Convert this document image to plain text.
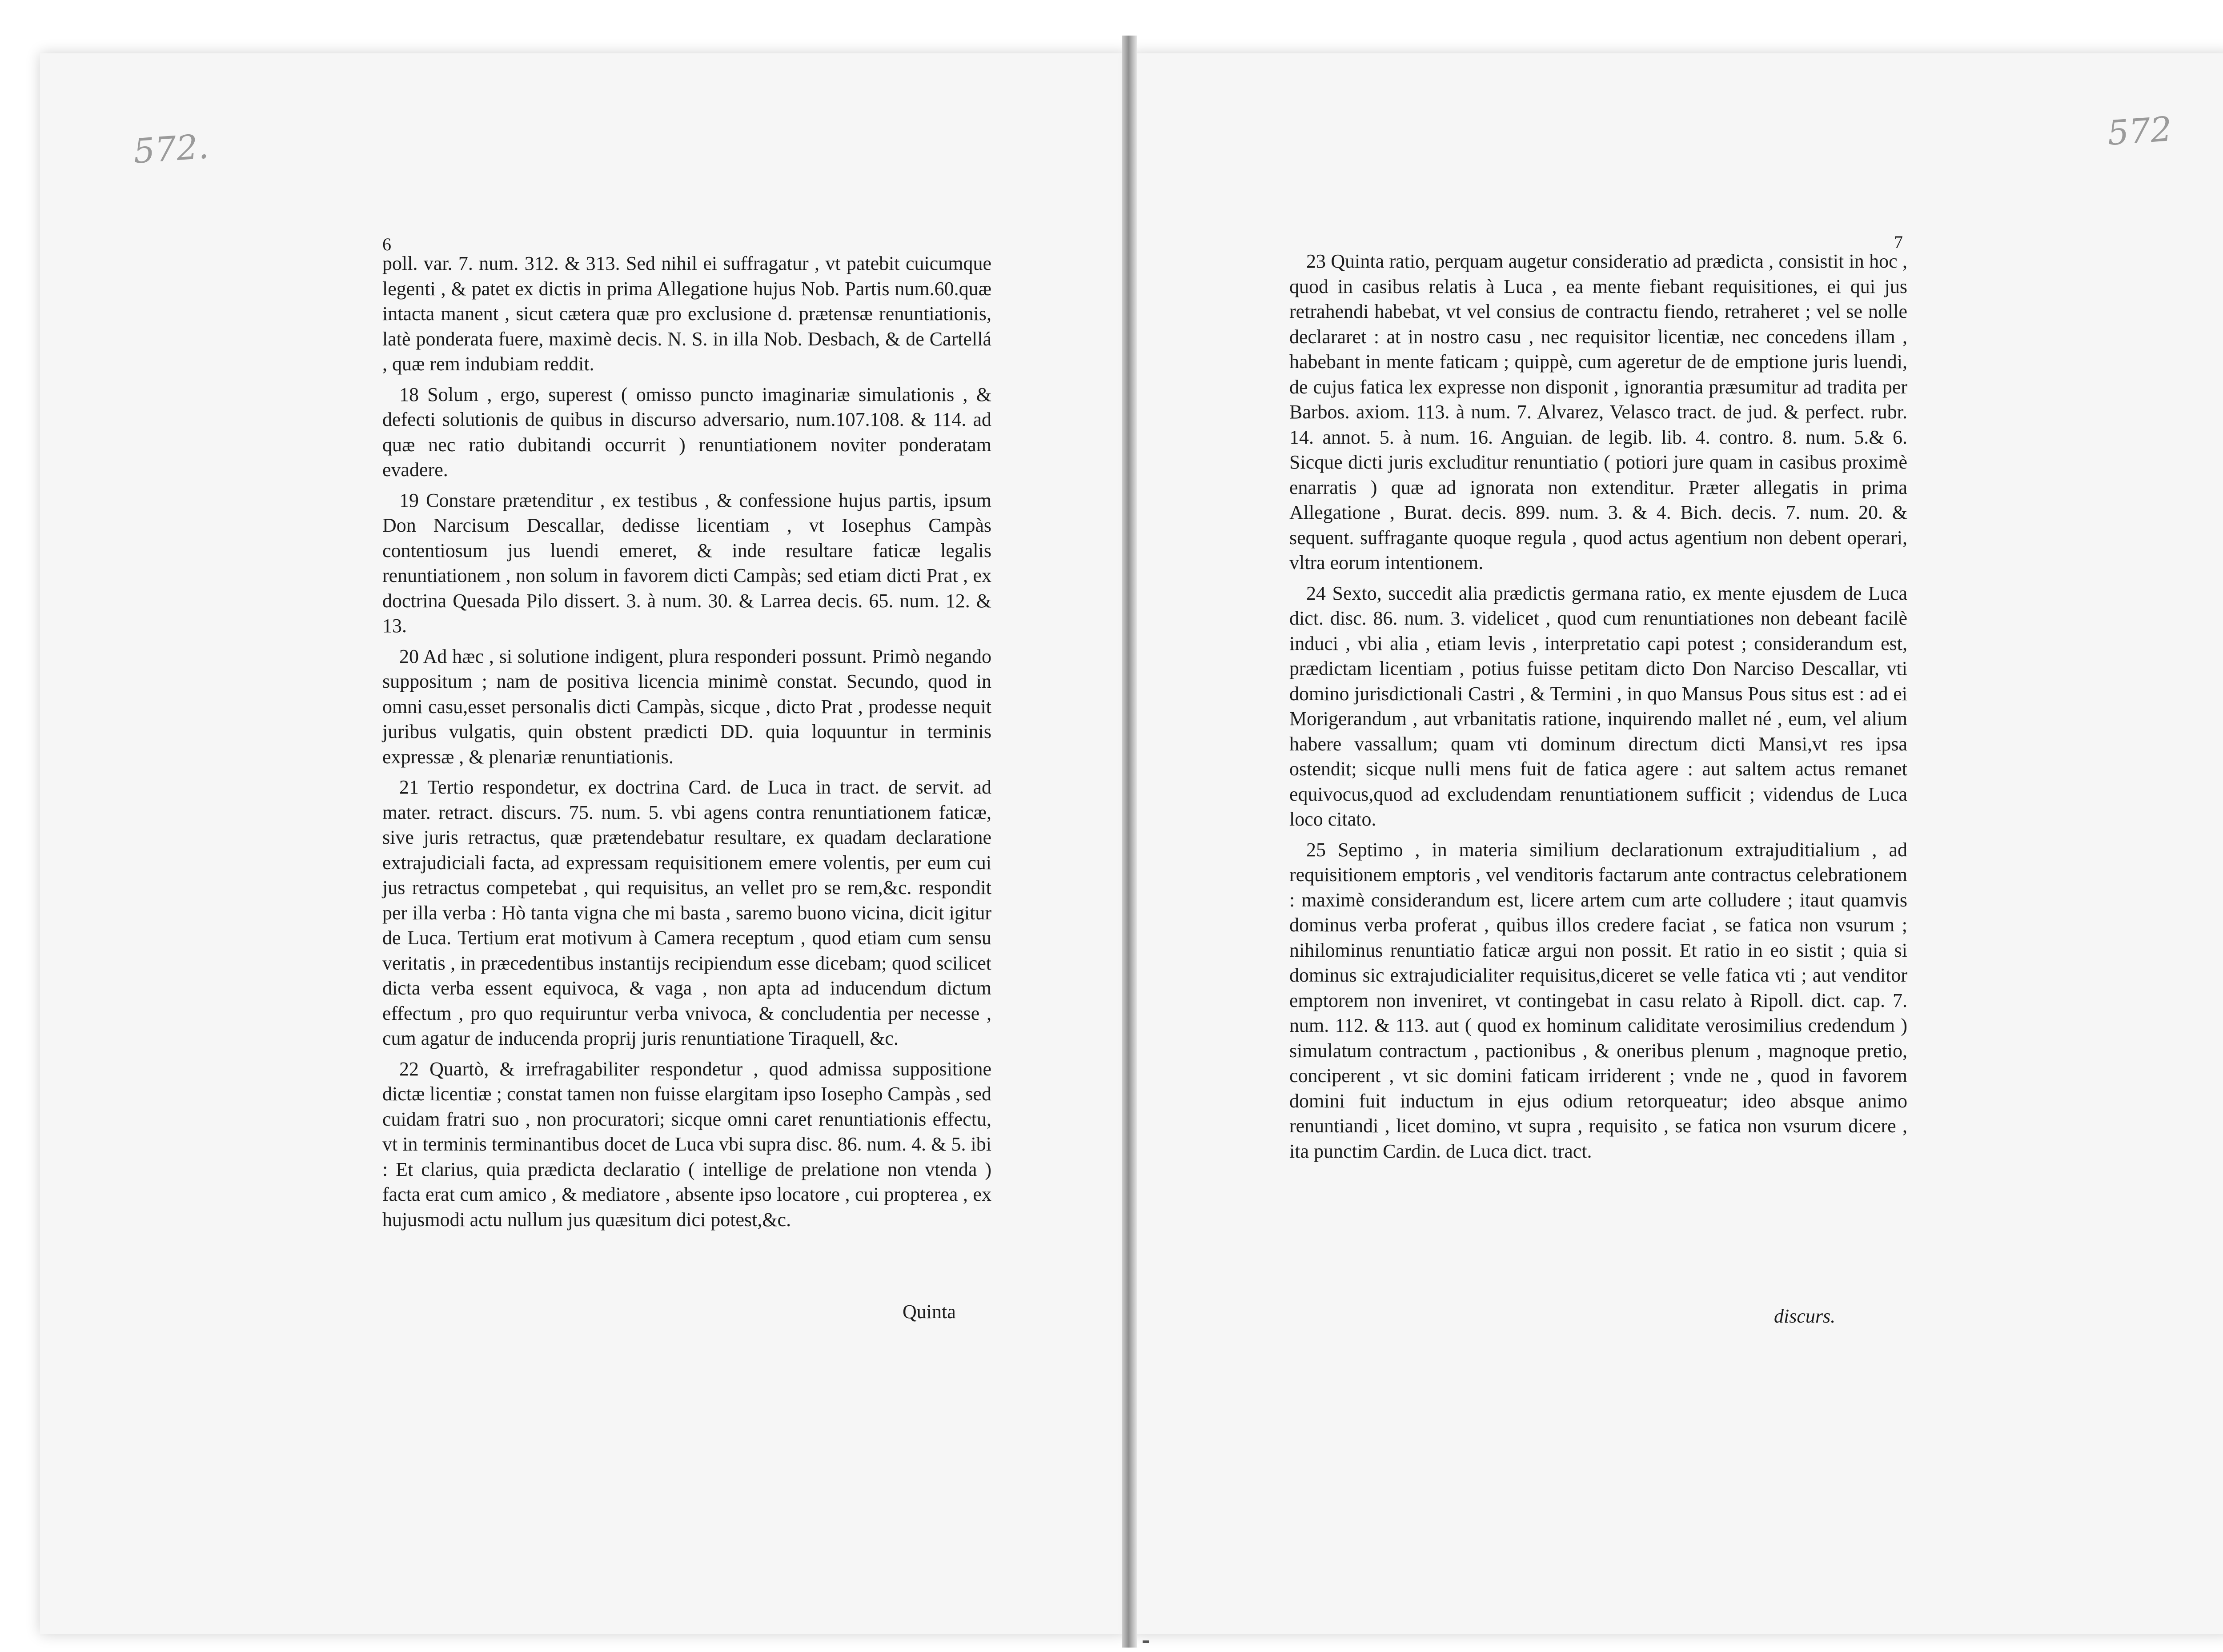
572.	572
6

poll. var. 7. num. 312. & 313. Sed nihil ei suffragatur , vt patebit cuicumque legenti , & patet ex dictis in prima Allegatione hujus Nob. Partis num.60.quæ intacta manent , sicut cætera quæ pro exclusione d. prætensæ renuntiationis, latè ponderata fuere, maximè decis. N. S. in illa Nob. Desbach, & de Cartellá , quæ rem indubiam reddit.

18 Solum , ergo, superest ( omisso puncto imaginariæ simulationis , & defecti solutionis de quibus in discurso adversario, num.107.108. & 114. ad quæ nec ratio dubitandi occurrit ) renuntiationem noviter ponderatam evadere.

19 Constare prætenditur , ex testibus , & confessione hujus partis, ipsum Don Narcisum Descallar, dedisse licentiam , vt Iosephus Campàs contentiosum jus luendi emeret, & inde resultare faticæ legalis renuntiationem , non solum in favorem dicti Campàs; sed etiam dicti Prat , ex doctrina Quesada Pilo dissert. 3. à num. 30. & Larrea decis. 65. num. 12. & 13.

20 Ad hæc , si solutione indigent, plura responderi possunt. Primò negando suppositum ; nam de positiva licencia minimè constat. Secundo, quod in omni casu,esset personalis dicti Campàs, sicque , dicto Prat , prodesse nequit juribus vulgatis, quin obstent prædicti DD. quia loquuntur in terminis expressæ , & plenariæ renuntiationis.

21 Tertio respondetur, ex doctrina Card. de Luca in tract. de servit. ad mater. retract. discurs. 75. num. 5. vbi agens contra renuntiationem faticæ, sive juris retractus, quæ prætendebatur resultare, ex quadam declaratione extrajudiciali facta, ad expressam requisitionem emere volentis, per eum cui jus retractus competebat , qui requisitus, an vellet pro se rem,&c. respondit per illa verba : Hò tanta vigna che mi basta , saremo buono vicina, dicit igitur de Luca. Tertium erat motivum à Camera receptum , quod etiam cum sensu veritatis , in præcedentibus instantijs recipiendum esse dicebam; quod scilicet dicta verba essent equivoca, & vaga , non apta ad inducendum dictum effectum , pro quo requiruntur verba vnivoca, & concludentia per necesse , cum agatur de inducenda proprij juris renuntiatione Tiraquell, &c.

22 Quartò, & irrefragabiliter respondetur , quod admissa suppositione dictæ licentiæ ; constat tamen non fuisse elargitam ipso Iosepho Campàs , sed cuidam fratri suo , non procuratori; sicque omni caret renuntiationis effectu, vt in terminis terminantibus docet de Luca vbi supra disc. 86. num. 4. & 5. ibi : Et clarius, quia prædicta declaratio ( intellige de prelatione non vtenda ) facta erat cum amico , & mediatore , absente ipso locatore , cui propterea , ex hujusmodi actu nullum jus quæsitum dici potest,&c.

Quinta
7

23 Quinta ratio, perquam augetur consideratio ad prædicta , consistit in hoc , quod in casibus relatis à Luca , ea mente fiebant requisitiones, ei qui jus retrahendi habebat, vt vel consius de contractu fiendo, retraheret ; vel se nolle declararet : at in nostro casu , nec requisitor licentiæ, nec concedens illam , habebant in mente faticam ; quippè, cum ageretur de de emptione juris luendi, de cujus fatica lex expresse non disponit , ignorantia præsumitur ad tradita per Barbos. axiom. 113. à num. 7. Alvarez, Velasco tract. de jud. & perfect. rubr. 14. annot. 5. à num. 16. Anguian. de legib. lib. 4. contro. 8. num. 5.& 6. Sicque dicti juris excluditur renuntiatio ( potiori jure quam in casibus proximè enarratis ) quæ ad ignorata non extenditur. Præter allegatis in prima Allegatione , Burat. decis. 899. num. 3. & 4. Bich. decis. 7. num. 20. & sequent. suffragante quoque regula , quod actus agentium non debent operari, vltra eorum intentionem.

24 Sexto, succedit alia prædictis germana ratio, ex mente ejusdem de Luca dict. disc. 86. num. 3. videlicet , quod cum renuntiationes non debeant facilè induci , vbi alia , etiam levis , interpretatio capi potest ; considerandum est, prædictam licentiam , potius fuisse petitam dicto Don Narciso Descallar, vti domino jurisdictionali Castri , & Termini , in quo Mansus Pous situs est : ad ei Morigerandum , aut vrbanitatis ratione, inquirendo mallet né , eum, vel alium habere vassallum; quam vti dominum directum dicti Mansi,vt res ipsa ostendit; sicque nulli mens fuit de fatica agere : aut saltem actus remanet equivocus,quod ad excludendam renuntiationem sufficit ; videndus de Luca loco citato.

25 Septimo , in materia similium declarationum extrajuditialium , ad requisitionem emptoris , vel venditoris factarum ante contractus celebrationem : maximè considerandum est, licere artem cum arte colludere ; itaut quamvis dominus verba proferat , quibus illos credere faciat , se fatica non vsurum ; nihilominus renuntiatio faticæ argui non possit. Et ratio in eo sistit ; quia si dominus sic extrajudicialiter requisitus,diceret se velle fatica vti ; aut venditor emptorem non inveniret, vt contingebat in casu relato à Ripoll. dict. cap. 7. num. 112. & 113. aut ( quod ex hominum caliditate verosimilius credendum ) simulatum contractum , pactionibus , & oneribus plenum , magnoque pretio, conciperent , vt sic domini faticam irriderent ; vnde ne , quod in favorem domini fuit inductum in ejus odium retorqueatur; ideo absque animo renuntiandi , licet domino, vt supra , requisito , se fatica non vsurum dicere , ita punctim Cardin. de Luca dict. tract.

discurs.
